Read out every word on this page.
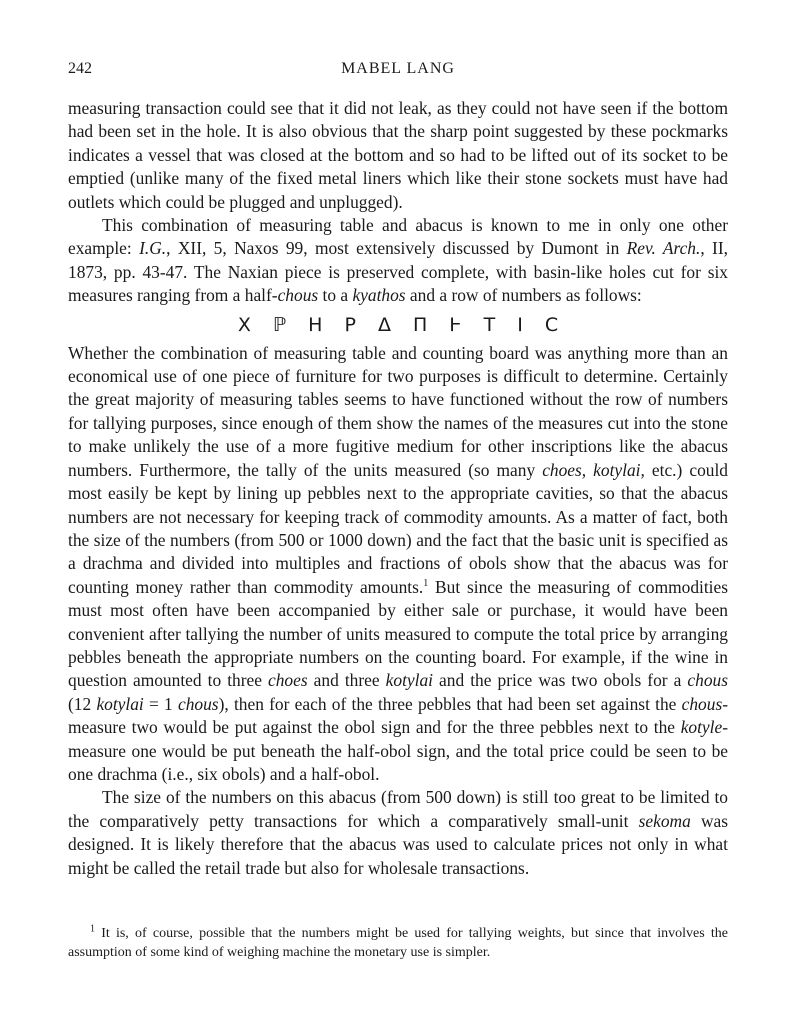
242	MABEL LANG

measuring transaction could see that it did not leak, as they could not have seen if the bottom had been set in the hole. It is also obvious that the sharp point suggested by these pockmarks indicates a vessel that was closed at the bottom and so had to be lifted out of its socket to be emptied (unlike many of the fixed metal liners which like their stone sockets must have had outlets which could be plugged and unplugged).

This combination of measuring table and abacus is known to me in only one other example: I.G., XII, 5, Naxos 99, most extensively discussed by Dumont in Rev. Arch., II, 1873, pp. 43-47. The Naxian piece is preserved complete, with basin-like holes cut for six measures ranging from a half-chous to a kyathos and a row of numbers as follows:

Χ ℙ Η Ρ Δ Π Ͱ Τ Ι C

Whether the combination of measuring table and counting board was anything more than an economical use of one piece of furniture for two purposes is difficult to determine. Certainly the great majority of measuring tables seems to have functioned without the row of numbers for tallying purposes, since enough of them show the names of the measures cut into the stone to make unlikely the use of a more fugitive medium for other inscriptions like the abacus numbers. Furthermore, the tally of the units measured (so many choes, kotylai, etc.) could most easily be kept by lining up pebbles next to the appropriate cavities, so that the abacus numbers are not necessary for keeping track of commodity amounts. As a matter of fact, both the size of the numbers (from 500 or 1000 down) and the fact that the basic unit is specified as a drachma and divided into multiples and fractions of obols show that the abacus was for counting money rather than commodity amounts.$^1$ But since the measuring of commodities must most often have been accompanied by either sale or purchase, it would have been convenient after tallying the number of units measured to compute the total price by arranging pebbles beneath the appropriate numbers on the counting board. For example, if the wine in question amounted to three choes and three kotylai and the price was two obols for a chous (12 kotylai = 1 chous), then for each of the three pebbles that had been set against the chous-measure two would be put against the obol sign and for the three pebbles next to the kotyle-measure one would be put beneath the half-obol sign, and the total price could be seen to be one drachma (i.e., six obols) and a half-obol.

The size of the numbers on this abacus (from 500 down) is still too great to be limited to the comparatively petty transactions for which a comparatively small-unit sekoma was designed. It is likely therefore that the abacus was used to calculate prices not only in what might be called the retail trade but also for wholesale transactions.

$^1$ It is, of course, possible that the numbers might be used for tallying weights, but since that involves the assumption of some kind of weighing machine the monetary use is simpler.
